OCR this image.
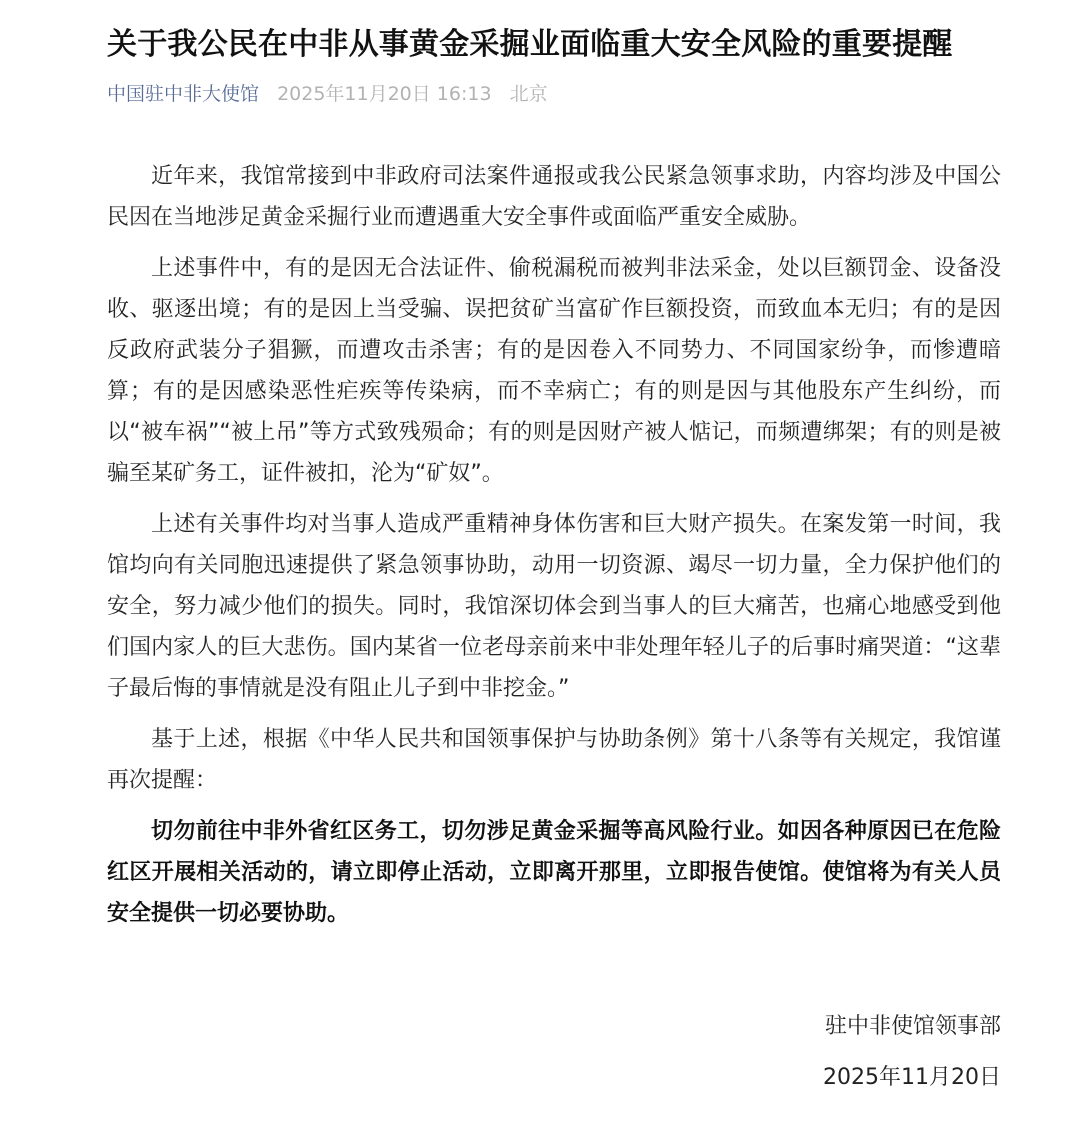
关于我公民在中非从事黄金采掘业面临重大安全风险的重要提醒
中国驻中非大使馆 2025年11月20日 16:13 北京

近年来，我馆常接到中非政府司法案件通报或我公民紧急领事求助，内容均涉及中国公民因在当地涉足黄金采掘行业而遭遇重大安全事件或面临严重安全威胁。

上述事件中，有的是因无合法证件、偷税漏税而被判非法采金，处以巨额罚金、设备没收、驱逐出境；有的是因上当受骗、误把贫矿当富矿作巨额投资，而致血本无归；有的是因反政府武装分子猖獗，而遭攻击杀害；有的是因卷入不同势力、不同国家纷争，而惨遭暗算；有的是因感染恶性疟疾等传染病，而不幸病亡；有的则是因与其他股东产生纠纷，而以“被车祸”“被上吊”等方式致残殒命；有的则是因财产被人惦记，而频遭绑架；有的则是被骗至某矿务工，证件被扣，沦为“矿奴”。

上述有关事件均对当事人造成严重精神身体伤害和巨大财产损失。在案发第一时间，我馆均向有关同胞迅速提供了紧急领事协助，动用一切资源、竭尽一切力量，全力保护他们的安全，努力减少他们的损失。同时，我馆深切体会到当事人的巨大痛苦，也痛心地感受到他们国内家人的巨大悲伤。国内某省一位老母亲前来中非处理年轻儿子的后事时痛哭道：“这辈子最后悔的事情就是没有阻止儿子到中非挖金。”

基于上述，根据《中华人民共和国领事保护与协助条例》第十八条等有关规定，我馆谨再次提醒：

切勿前往中非外省红区务工，切勿涉足黄金采掘等高风险行业。如因各种原因已在危险红区开展相关活动的，请立即停止活动，立即离开那里，立即报告使馆。使馆将为有关人员安全提供一切必要协助。

驻中非使馆领事部
2025年11月20日
